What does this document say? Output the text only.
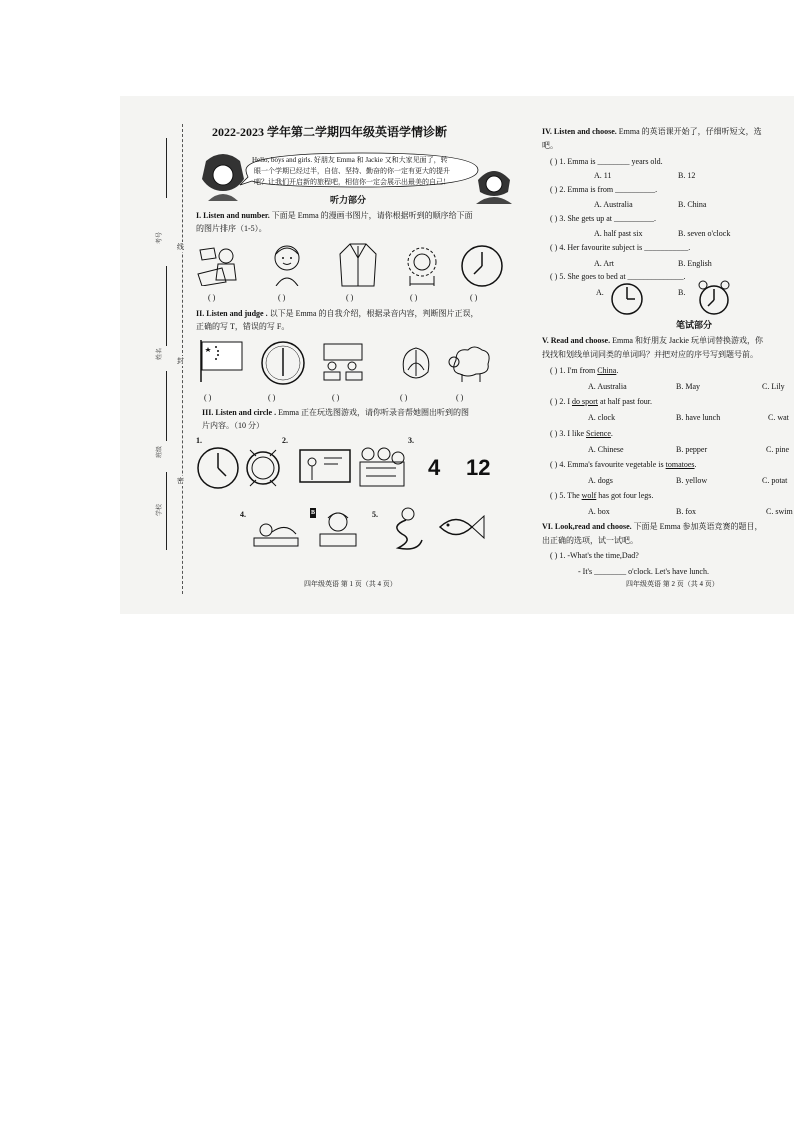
考号
姓名
班级
学校
线
封
密
2022-2023 学年第二学期四年级英语学情诊断
Hello, boys and girls. 好朋友 Emma 和 Jackie 又和大家见面了，转
眼一个学期已经过半，自信、坚持、勤奋的你一定有更大的提升
吧？让我们开启新的旅程吧，相信你一定会展示出最美的自己！
听力部分
I. Listen and number. 下面是 Emma 的漫画书图片，请你根据听到的顺序给下面
的图片排序（1-5）。
( )	( )	( )	( )	( )
II. Listen and judge . 以下是 Emma 的自我介绍，根据录音内容，判断图片正误，
正确的写 T，错误的写 F。
( )	( )	( )	( )	( )
III. Listen and circle . Emma 正在玩选图游戏，请你听录音帮她圈出听到的图
片内容。（10 分）
1.	2.	3.
4 12
4.	B	5.
四年级英语 第 1 页（共 4 页）
IV. Listen and choose. Emma 的英语课开始了，仔细听短文，选
吧。
( ) 1. Emma is ________ years old.
A. 11	B. 12
( ) 2. Emma is from __________.
A. Australia	B. China
( ) 3. She gets up at __________.
A. half past six	B. seven o'clock
( ) 4. Her favourite subject is ___________.
A. Art	B. English
( ) 5. She goes to bed at ______________.
A.	B.
笔试部分
V. Read and choose. Emma 和好朋友 Jackie 玩单词替换游戏，你
找找和划线单词同类的单词吗？并把对应的序号写到题号前。
( ) 1. I'm from China.
A. Australia	B. May	C. Lily
( ) 2. I do sport at half past four.
A. clock	B. have lunch	C. wat
( ) 3. I like Science.
A. Chinese	B. pepper	C. pine
( ) 4. Emma's favourite vegetable is tomatoes.
A. dogs	B. yellow	C. potat
( ) 5. The wolf has got four legs.
A. box	B. fox	C. swim
VI. Look,read and choose. 下面是 Emma 参加英语竞赛的题目，
出正确的选项，试一试吧。
( ) 1. -What's the time,Dad?
- It's ________ o'clock. Let's have lunch.
四年级英语 第 2 页（共 4 页）
